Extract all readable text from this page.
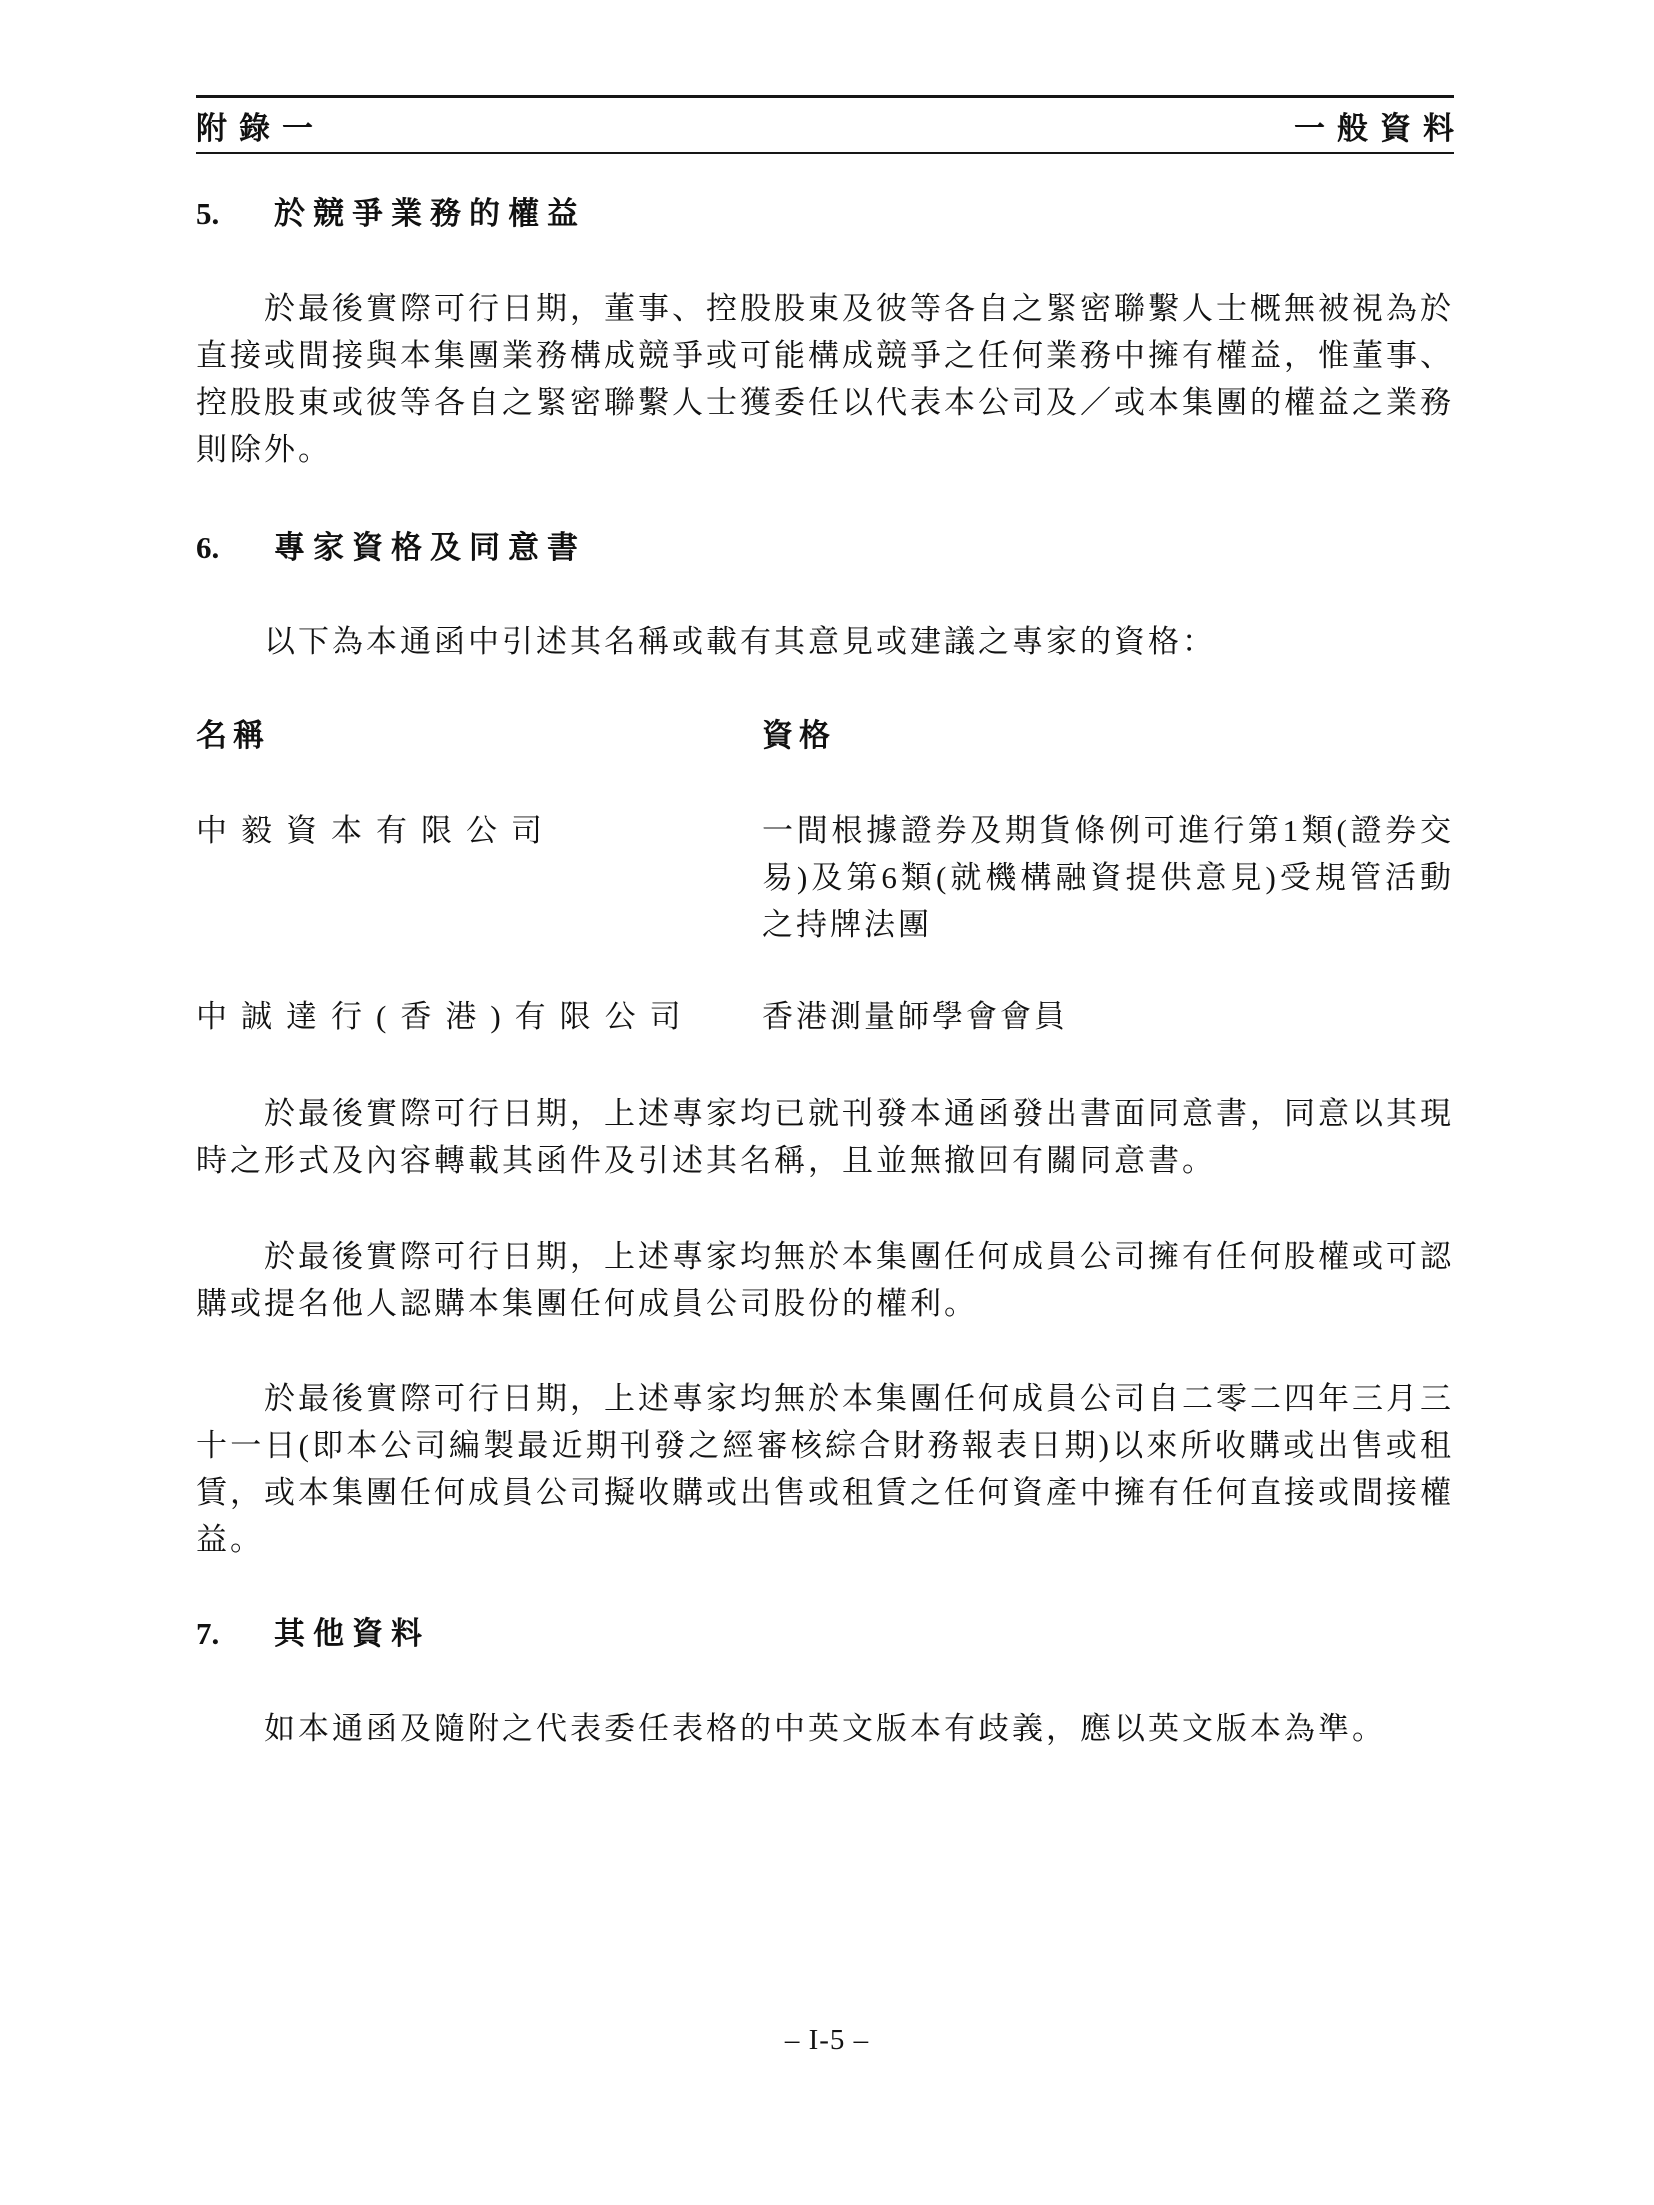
附錄一	一般資料
5.	於競爭業務的權益

於最後實際可行日期，董事、控股股東及彼等各自之緊密聯繫人士概無被視為於直接或間接與本集團業務構成競爭或可能構成競爭之任何業務中擁有權益，惟董事、控股股東或彼等各自之緊密聯繫人士獲委任以代表本公司及／或本集團的權益之業務則除外。

6.	專家資格及同意書

以下為本通函中引述其名稱或載有其意見或建議之專家的資格：

名稱	資格
中毅資本有限公司	一間根據證券及期貨條例可進行第1類(證券交易)及第6類(就機構融資提供意見)受規管活動之持牌法團
中誠達行(香港)有限公司	香港測量師學會會員

於最後實際可行日期，上述專家均已就刊發本通函發出書面同意書，同意以其現時之形式及內容轉載其函件及引述其名稱，且並無撤回有關同意書。

於最後實際可行日期，上述專家均無於本集團任何成員公司擁有任何股權或可認購或提名他人認購本集團任何成員公司股份的權利。

於最後實際可行日期，上述專家均無於本集團任何成員公司自二零二四年三月三十一日(即本公司編製最近期刊發之經審核綜合財務報表日期)以來所收購或出售或租賃，或本集團任何成員公司擬收購或出售或租賃之任何資產中擁有任何直接或間接權益。

7.	其他資料

如本通函及隨附之代表委任表格的中英文版本有歧義，應以英文版本為準。

– I-5 –
